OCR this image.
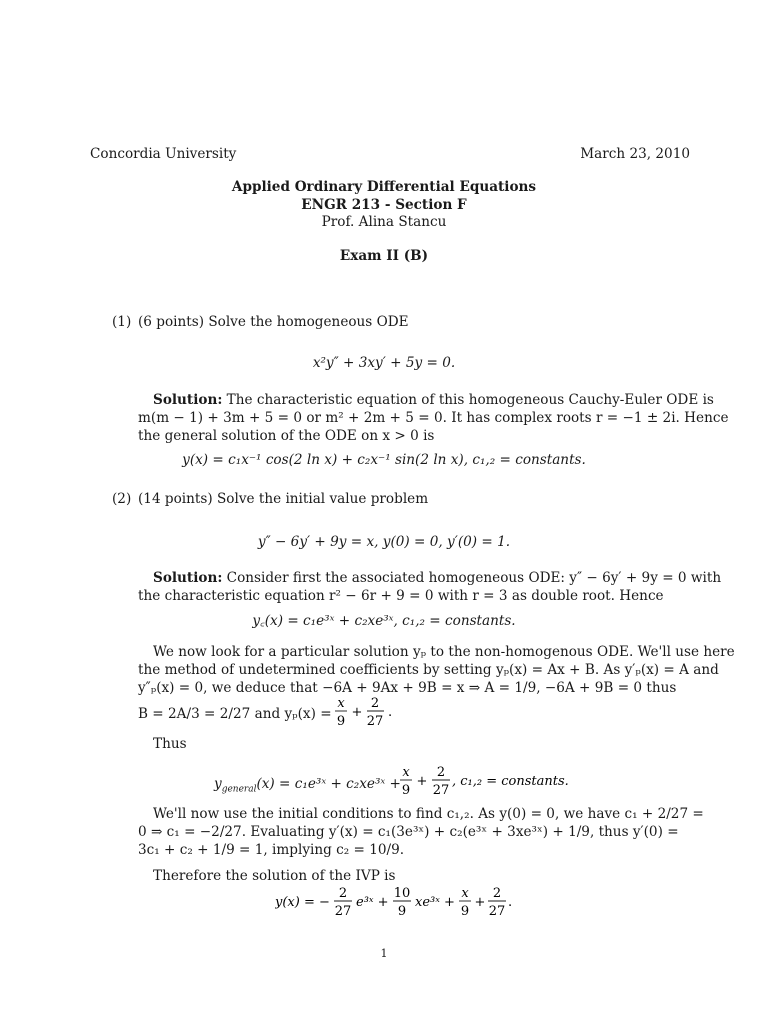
Concordia University	March 23, 2010
Applied Ordinary Differential Equations
ENGR 213 - Section F
Prof. Alina Stancu
Exam II (B)
(1) (6 points) Solve the homogeneous ODE
x²y″ + 3xy′ + 5y = 0.
Solution: The characteristic equation of this homogeneous Cauchy-Euler ODE is
m(m − 1) + 3m + 5 = 0 or m² + 2m + 5 = 0. It has complex roots r = −1 ± 2i. Hence
the general solution of the ODE on x > 0 is
y(x) = c₁x⁻¹ cos(2 ln x) + c₂x⁻¹ sin(2 ln x), c₁,₂ = constants.
(2) (14 points) Solve the initial value problem
y″ − 6y′ + 9y = x, y(0) = 0, y′(0) = 1.
Solution: Consider first the associated homogeneous ODE: y″ − 6y′ + 9y = 0 with
the characteristic equation r² − 6r + 9 = 0 with r = 3 as double root. Hence
y꜀(x) = c₁e³ˣ + c₂xe³ˣ, c₁,₂ = constants.
We now look for a particular solution yₚ to the non-homogenous ODE. We'll use here
the method of undetermined coefficients by setting yₚ(x) = Ax + B. As y′ₚ(x) = A and
y″ₚ(x) = 0, we deduce that −6A + 9Ax + 9B = x ⇒ A = 1/9, −6A + 9B = 0 thus
B = 2A/3 = 2/27 and yₚ(x) =
x
9
+
2
27
.
Thus
$y_{general}(x)$ = c₁e³ˣ + c₂xe³ˣ +
x
9
+
2
27
, c₁,₂ = constants.
We'll now use the initial conditions to find c₁,₂. As y(0) = 0, we have c₁ + 2/27 =
0 ⇒ c₁ = −2/27. Evaluating y′(x) = c₁(3e³ˣ) + c₂(e³ˣ + 3xe³ˣ) + 1/9, thus y′(0) =
3c₁ + c₂ + 1/9 = 1, implying c₂ = 10/9.
Therefore the solution of the IVP is
y(x) = −
2
27
e³ˣ +
10
9
xe³ˣ +
x
9
+
2
27
.
1
